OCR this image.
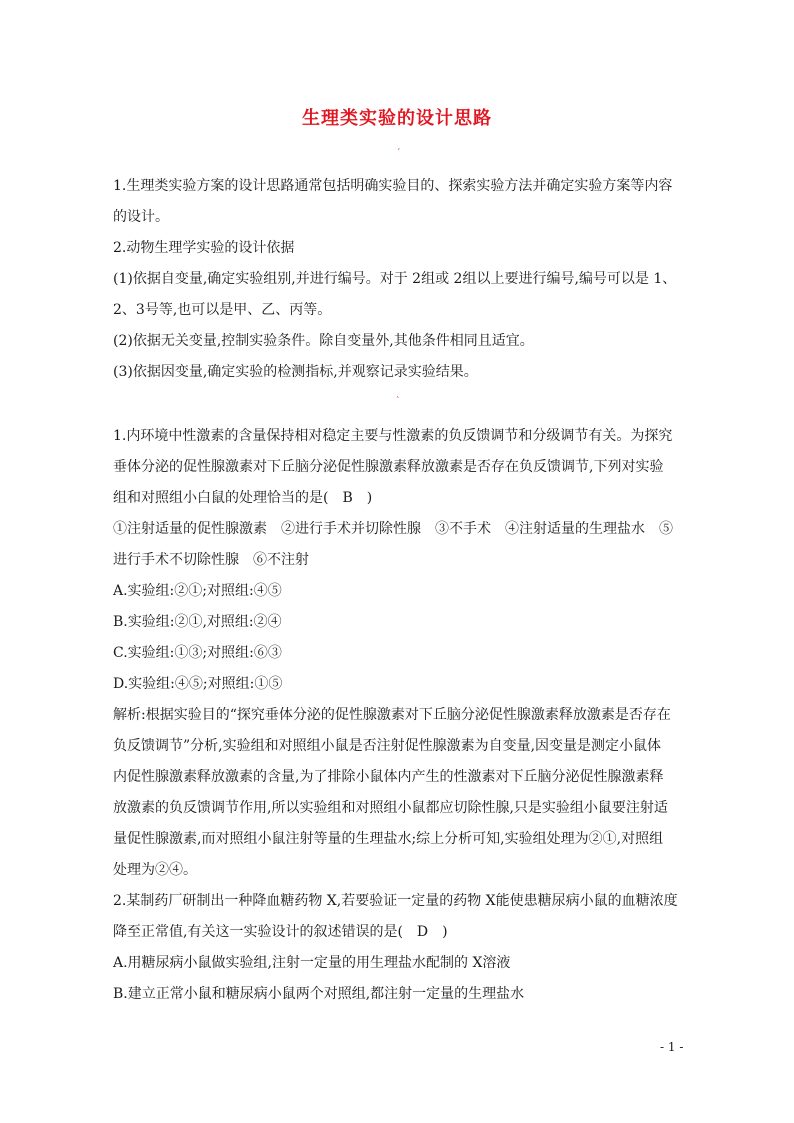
生理类实验的设计思路
ˊ
ˋ
1.生理类实验方案的设计思路通常包括明确实验目的、探索实验方法并确定实验方案等内容
的设计。
2.动物生理学实验的设计依据
(1)依据自变量,确定实验组别,并进行编号。对于 2组或 2组以上要进行编号,编号可以是 1、
2、3号等,也可以是甲、乙、丙等。
(2)依据无关变量,控制实验条件。除自变量外,其他条件相同且适宜。
(3)依据因变量,确定实验的检测指标,并观察记录实验结果。
1.内环境中性激素的含量保持相对稳定主要与性激素的负反馈调节和分级调节有关。为探究
垂体分泌的促性腺激素对下丘脑分泌促性腺激素释放激素是否存在负反馈调节,下列对实验
组和对照组小白鼠的处理恰当的是(　B　)
①注射适量的促性腺激素　②进行手术并切除性腺　③不手术　④注射适量的生理盐水　⑤
进行手术不切除性腺　⑥不注射
A.实验组:②①;对照组:④⑤
B.实验组:②①,对照组:②④
C.实验组:①③;对照组:⑥③
D.实验组:④⑤;对照组:①⑤
解析:根据实验目的“探究垂体分泌的促性腺激素对下丘脑分泌促性腺激素释放激素是否存在
负反馈调节”分析,实验组和对照组小鼠是否注射促性腺激素为自变量,因变量是测定小鼠体
内促性腺激素释放激素的含量,为了排除小鼠体内产生的性激素对下丘脑分泌促性腺激素释
放激素的负反馈调节作用,所以实验组和对照组小鼠都应切除性腺,只是实验组小鼠要注射适
量促性腺激素,而对照组小鼠注射等量的生理盐水;综上分析可知,实验组处理为②①,对照组
处理为②④。
2.某制药厂研制出一种降血糖药物 X,若要验证一定量的药物 X能使患糖尿病小鼠的血糖浓度
降至正常值,有关这一实验设计的叙述错误的是(　D　)
A.用糖尿病小鼠做实验组,注射一定量的用生理盐水配制的 X溶液
B.建立正常小鼠和糖尿病小鼠两个对照组,都注射一定量的生理盐水
- 1 -
